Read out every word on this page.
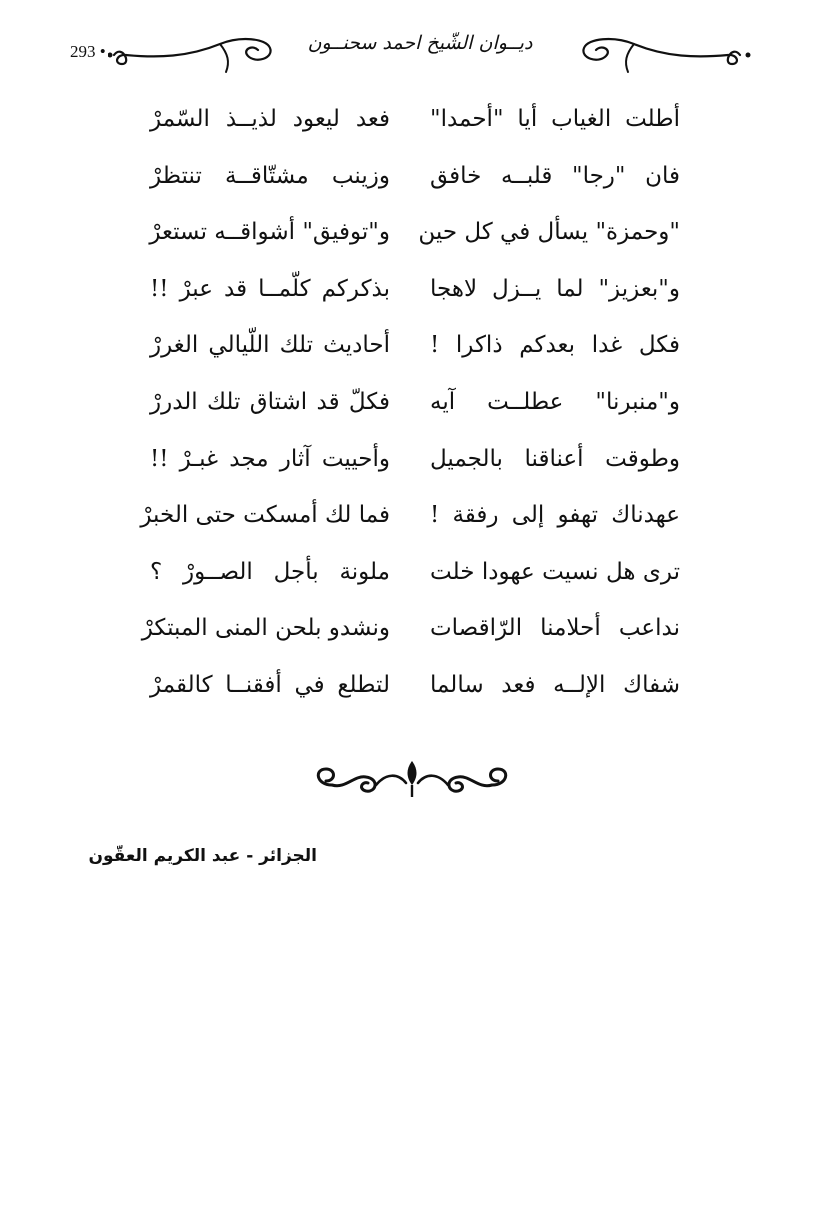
293 •	ديــوان الشّيخ احمد سحنــون
أطلت الغياب أيا "أحمدا"
فعد ليعود لذيــذ السّمرْ
فان "رجا" قلبــه خافق
وزينب مشتّاقــة تنتظرْ
"وحمزة" يسأل في كل حين
و"توفيق" أشواقــه تستعرْ
و"بعزيز" لما يــزل لاهجا
بذكركم كلّمــا قد عبرْ !!
فكل غدا بعدكم ذاكرا !
أحاديث تلك اللّيالي الغررْ
و"منبرنا" عطلــت آيه
فكلّ قد اشتاق تلك الدررْ
وطوقت أعناقنا بالجميل
وأحييت آثار مجد غبـرْ !!
عهدناك تهفو إلى رفقة !
فما لك أمسكت حتى الخبرْ
ترى هل نسيت عهودا خلت
ملونة بأجل الصــورْ ؟
نداعب أحلامنا الرّاقصات
ونشدو بلحن المنى المبتكرْ
شفاك الإلــه فعد سالما
لتطلع في أفقنــا كالقمرْ
الجزائر - عبد الكريم العقّون
